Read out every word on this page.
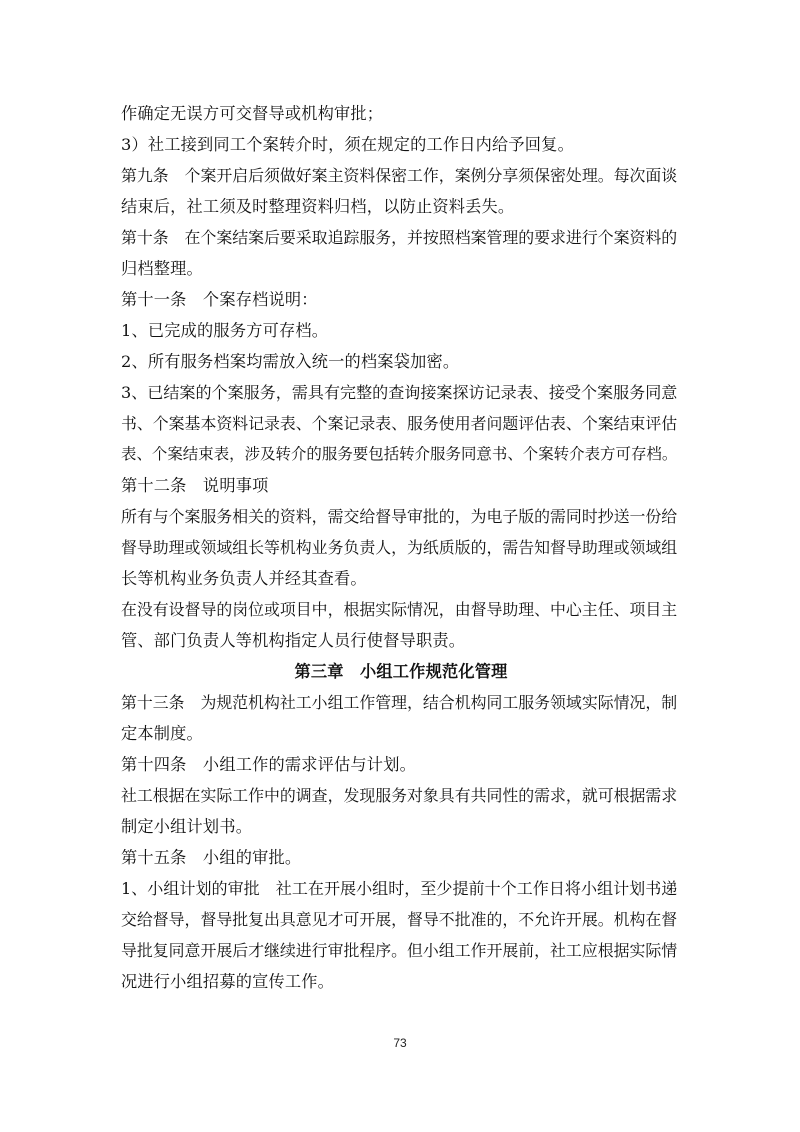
作确定无误方可交督导或机构审批；
3）社工接到同工个案转介时，须在规定的工作日内给予回复。
第九条　个案开启后须做好案主资料保密工作，案例分享须保密处理。每次面谈
结束后，社工须及时整理资料归档，以防止资料丢失。
第十条　在个案结案后要采取追踪服务，并按照档案管理的要求进行个案资料的
归档整理。
第十一条　个案存档说明：
1、已完成的服务方可存档。
2、所有服务档案均需放入统一的档案袋加密。
3、已结案的个案服务，需具有完整的查询接案探访记录表、接受个案服务同意
书、个案基本资料记录表、个案记录表、服务使用者问题评估表、个案结束评估
表、个案结束表，涉及转介的服务要包括转介服务同意书、个案转介表方可存档。
第十二条　说明事项
所有与个案服务相关的资料，需交给督导审批的，为电子版的需同时抄送一份给
督导助理或领域组长等机构业务负责人，为纸质版的，需告知督导助理或领域组
长等机构业务负责人并经其查看。
在没有设督导的岗位或项目中，根据实际情况，由督导助理、中心主任、项目主
管、部门负责人等机构指定人员行使督导职责。
第三章　小组工作规范化管理
第十三条　为规范机构社工小组工作管理，结合机构同工服务领域实际情况，制
定本制度。
第十四条　小组工作的需求评估与计划。
社工根据在实际工作中的调查，发现服务对象具有共同性的需求，就可根据需求
制定小组计划书。
第十五条　小组的审批。
1、小组计划的审批　社工在开展小组时，至少提前十个工作日将小组计划书递
交给督导，督导批复出具意见才可开展，督导不批准的，不允许开展。机构在督
导批复同意开展后才继续进行审批程序。但小组工作开展前，社工应根据实际情
况进行小组招募的宣传工作。
73
